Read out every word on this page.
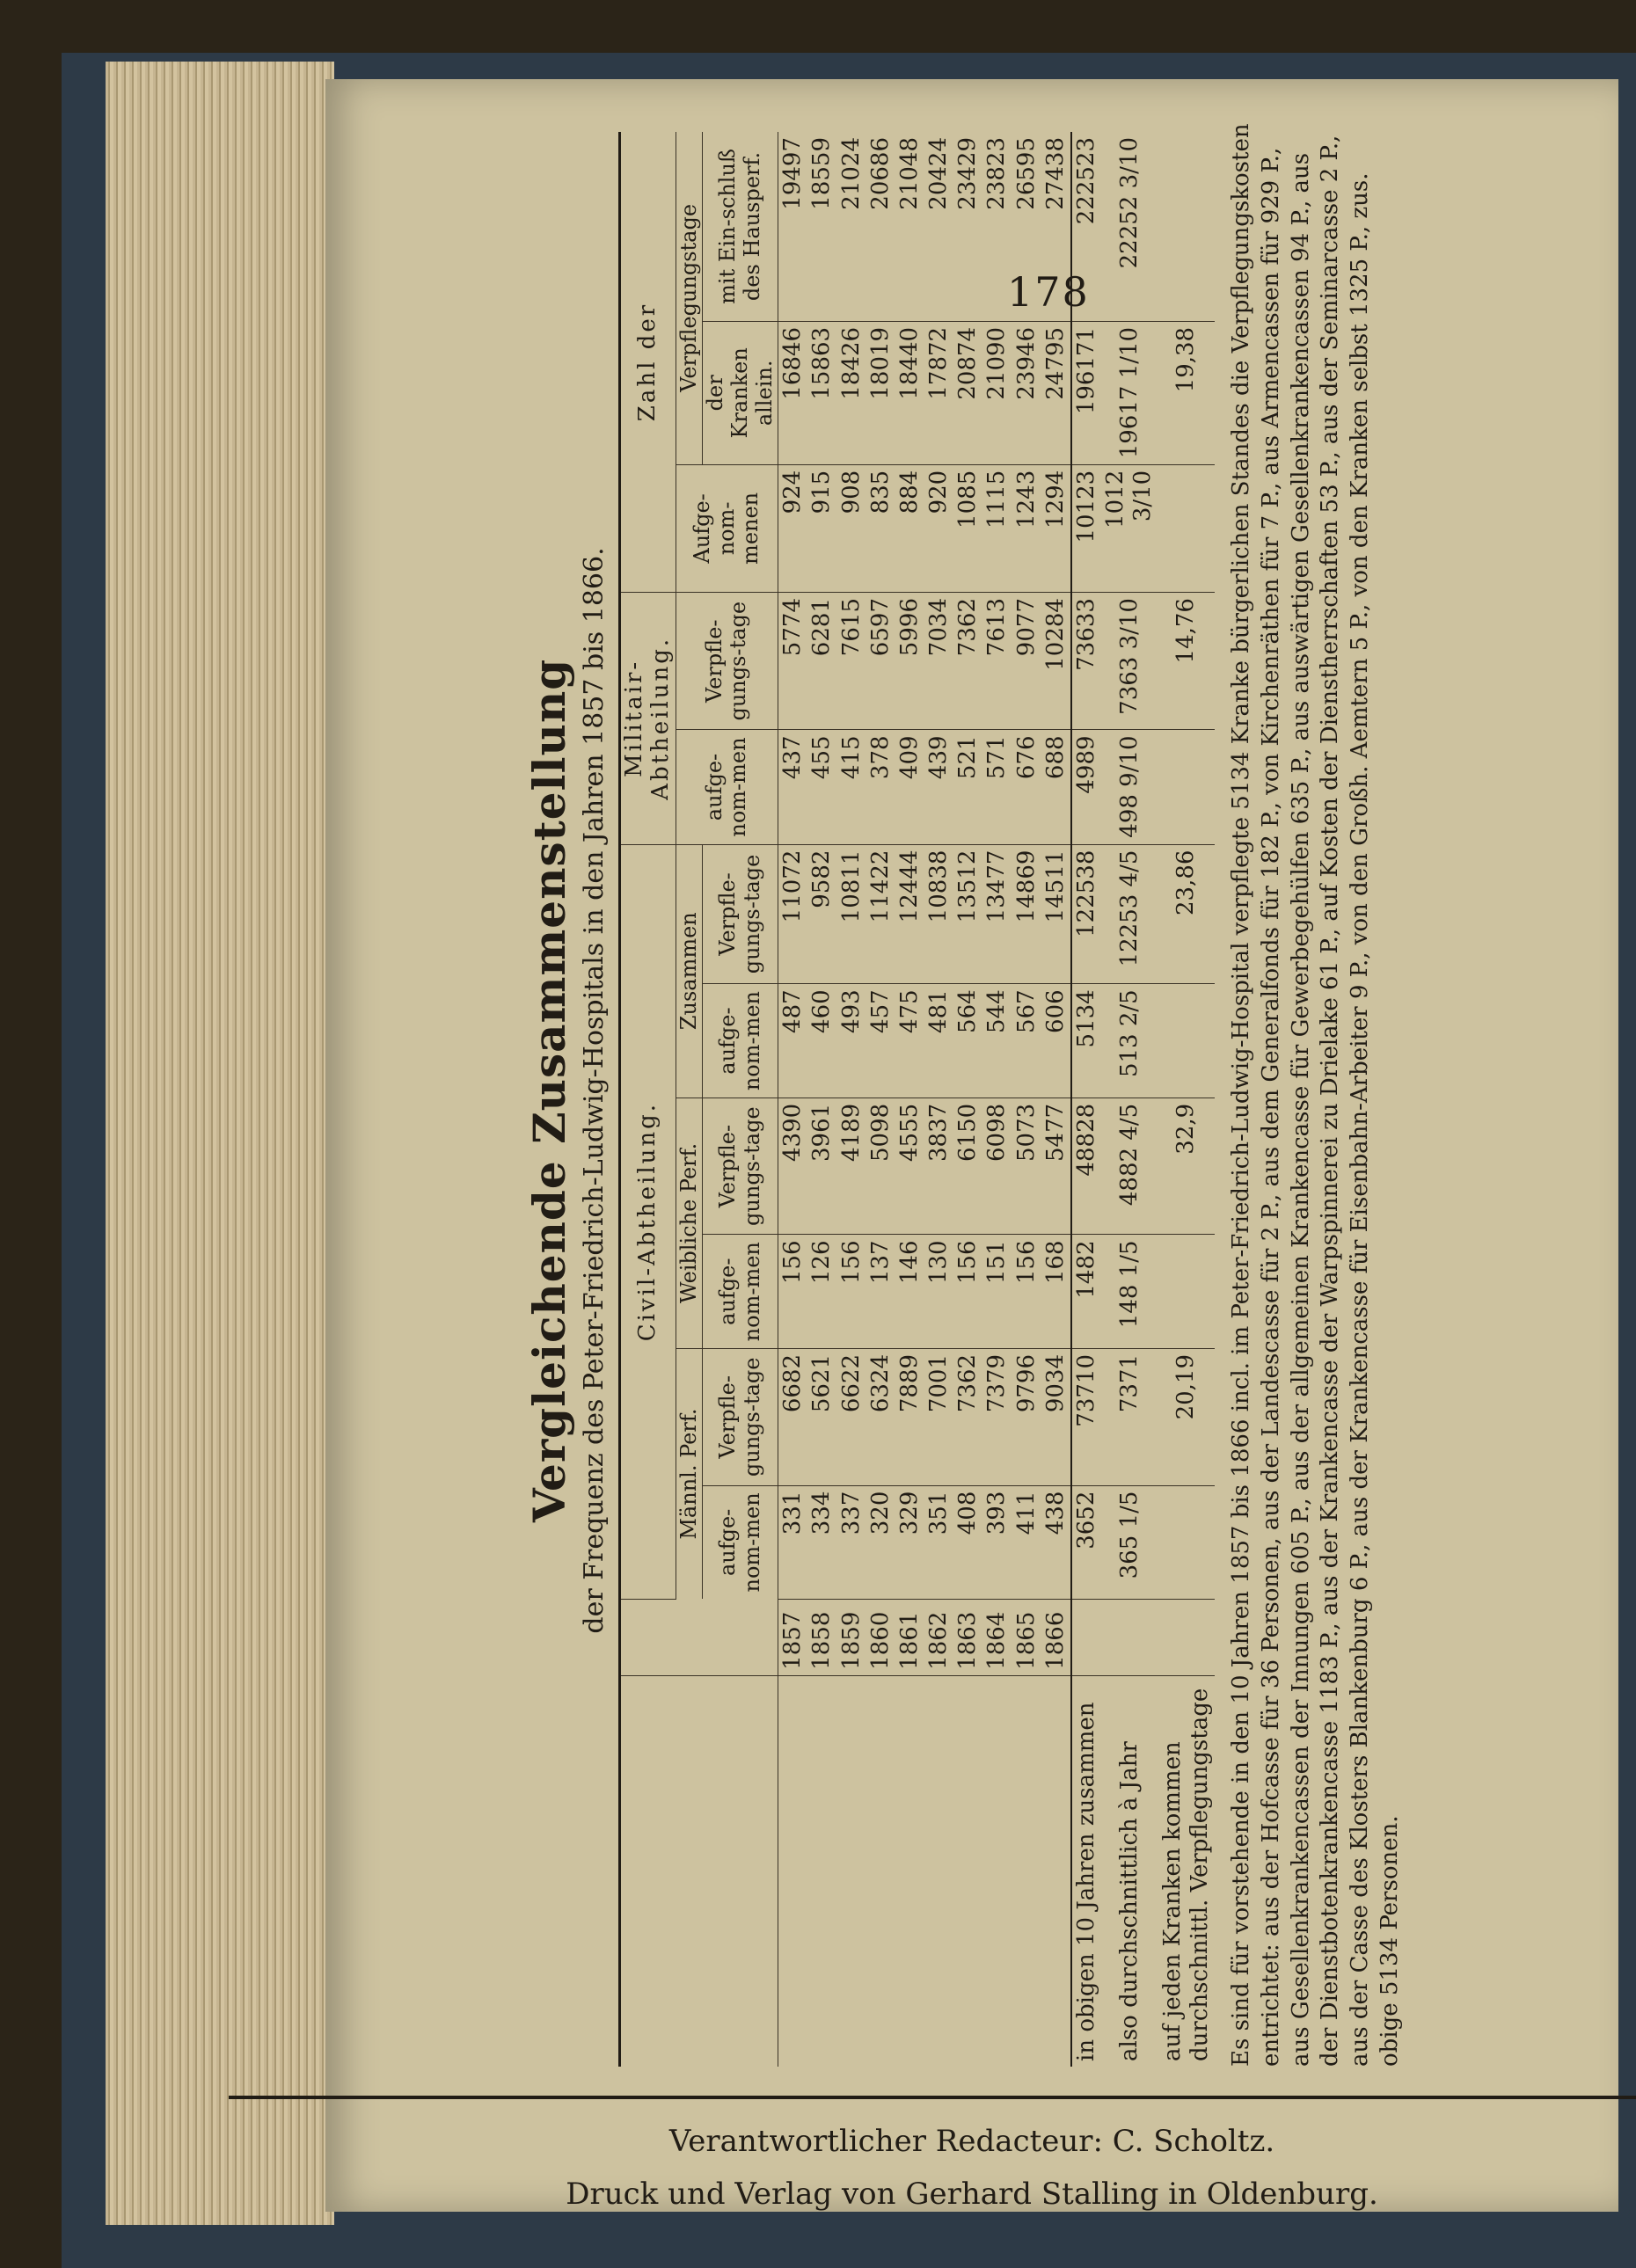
178
Vergleichende Zusammenstellung der Frequenz des Peter-Friedrich-Ludwig-Hospitals in den Jahren 1857 bis 1866.
		Civil-Abtheilung.						Militair-Abtheilung.		Zahl der		
		Männl. Perf.		Weibliche Perf.		Zusammen		aufge-nom-men	Verpfle-gungs-tage	Aufge-nom-menen	Verpflegungstage	
		aufge-nom-men	Verpfle-gungs-tage	aufge-nom-men	Verpfle-gungs-tage	aufge-nom-men	Verpfle-gungs-tage				der Kranken allein.	mit Ein-schluß des Hausperf.
	1857	331	6682	156	4390	487	11072	437	5774	924	16846	19497
	1858	334	5621	126	3961	460	9582	455	6281	915	15863	18559
	1859	337	6622	156	4189	493	10811	415	7615	908	18426	21024
	1860	320	6324	137	5098	457	11422	378	6597	835	18019	20686
	1861	329	7889	146	4555	475	12444	409	5996	884	18440	21048
	1862	351	7001	130	3837	481	10838	439	7034	920	17872	20424
	1863	408	7362	156	6150	564	13512	521	7362	1085	20874	23429
	1864	393	7379	151	6098	544	13477	571	7613	1115	21090	23823
	1865	411	9796	156	5073	567	14869	676	9077	1243	23946	26595
	1866	438	9034	168	5477	606	14511	688	10284	1294	24795	27438
in obigen 10 Jahren zusammen		3652	73710	1482	48828	5134	122538	4989	73633	10123	196171	222523
also durchschnittlich à Jahr		365 1/5	7371	148 1/5	4882 4/5	513 2/5	12253 4/5	498 9/10	7363 3/10	1012 3/10	19617 1/10	22252 3/10
auf jeden Kranken kommen durchschnittl. Verpflegungstage			20,19		32,9		23,86		14,76		19,38	Es sind für vorstehende in den 10 Jahren 1857 bis 1866 incl. im Peter-Friedrich-Ludwig-Hospital verpflegte 5134 Kranke bürgerlichen Standes die Verpflegungskosten entrichtet: aus der Hofcasse für 36 Personen, aus der Landescasse für 2 P., aus dem Generalfonds für 182 P., von Kirchenräthen für 7 P., aus Armencassen für 929 P., aus Gesellenkrankencassen der Innungen 605 P., aus der allgemeinen Krankencasse für Gewerbegehülfen 635 P., aus auswärtigen Gesellenkrankencassen 94 P., aus der Dienstbotenkrankencasse 1183 P., aus der Krankencasse der Warpspinnerei zu Drielake 61 P., auf Kosten der Dienstherrschaften 53 P., aus der Seminarcasse 2 P., aus der Casse des Klosters Blankenburg 6 P., aus der Krankencasse für Eisenbahn-Arbeiter 9 P., von den Großh. Aemtern 5 P., von den Kranken selbst 1325 P., zus. obige 5134 Personen.
Verantwortlicher Redacteur: C. Scholtz.
Druck und Verlag von Gerhard Stalling in Oldenburg.
